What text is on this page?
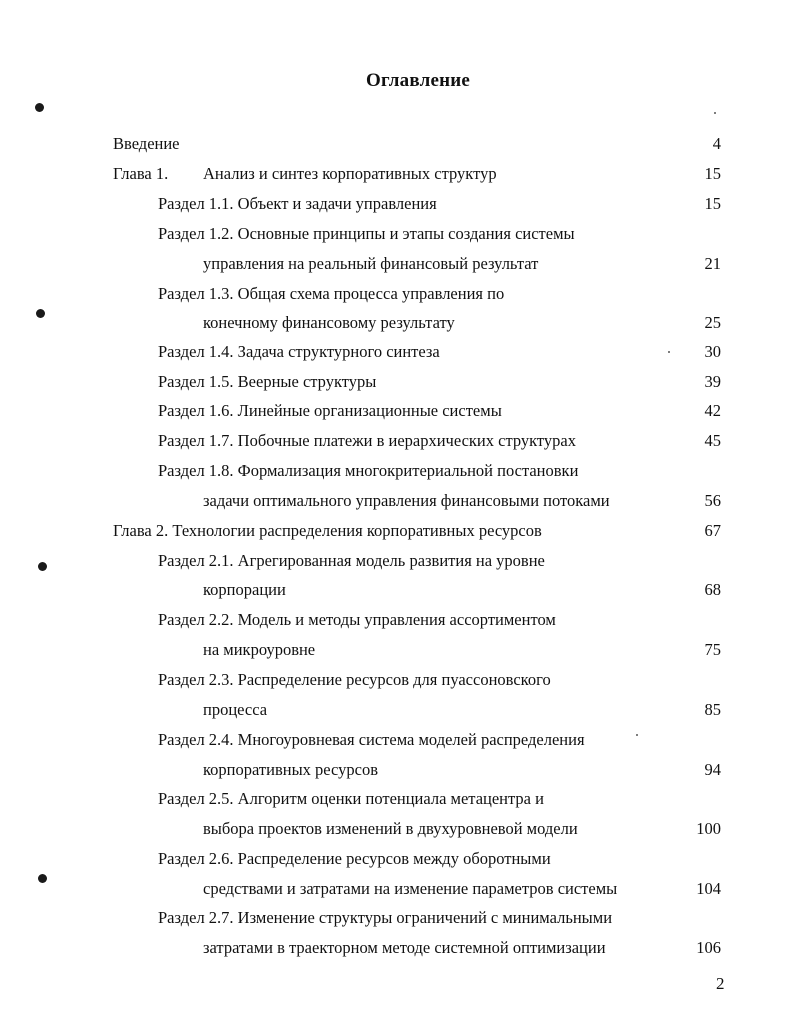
Оглавление
Введение	4
Глава 1. Анализ и синтез корпоративных структур	15
Раздел 1.1. Объект и задачи управления	15
Раздел 1.2. Основные принципы и этапы создания системы
управления на реальный финансовый результат	21
Раздел 1.3. Общая схема процесса управления по
конечному финансовому результату	25
Раздел 1.4. Задача структурного синтеза	30
Раздел 1.5. Веерные структуры	39
Раздел 1.6. Линейные организационные системы	42
Раздел 1.7. Побочные платежи в иерархических структурах	45
Раздел 1.8. Формализация многокритериальной постановки
задачи оптимального управления финансовыми потоками	56
Глава 2. Технологии распределения корпоративных ресурсов	67
Раздел 2.1. Агрегированная модель развития на уровне
корпорации	68
Раздел 2.2. Модель и методы управления ассортиментом
на микроуровне	75
Раздел 2.3. Распределение ресурсов для пуассоновского
процесса	85
Раздел 2.4. Многоуровневая система моделей распределения
корпоративных ресурсов	94
Раздел 2.5. Алгоритм оценки потенциала метацентра и
выбора проектов изменений в двухуровневой модели	100
Раздел 2.6. Распределение ресурсов между оборотными
средствами и затратами на изменение параметров системы	104
Раздел 2.7. Изменение структуры ограничений с минимальными
затратами в траекторном методе системной оптимизации	106
2
